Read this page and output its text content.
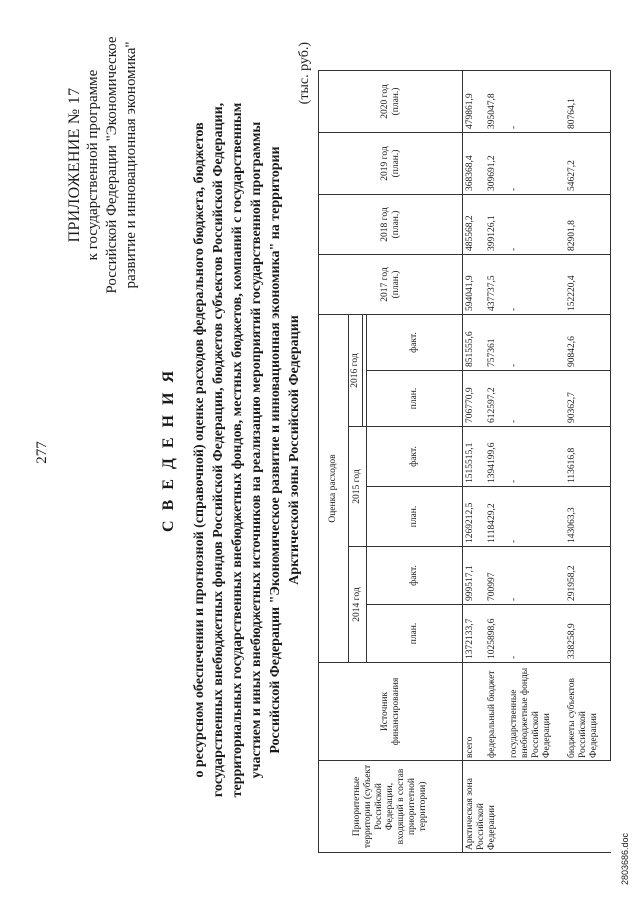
277
ПРИЛОЖЕНИЕ № 17 к государственной программе Российской Федерации "Экономическое развитие и инновационная экономика"
С В Е Д Е Н И Я о ресурсном обеспечении и прогнозной (справочной) оценке расходов федерального бюджета, бюджетов государственных внебюджетных фондов Российской Федерации, бюджетов субъектов Российской Федерации, территориальных государственных внебюджетных фондов, местных бюджетов, компаний с государственным участием и иных внебюджетных источников на реализацию мероприятий государственной программы Российской Федерации "Экономическое развитие и инновационная экономика" на территории Арктической зоны Российской Федерации
(тыс. руб.)
Приоритетные территории (субъект Российской Федерации, входящий в состав приоритетной территории)	Источник финансирования	Оценка расходов						2017 год (план.)	2018 год (план.)	2019 год (план.)	2020 год (план.)
		2014 год		2015 год		2016 год					

		план.	факт.	план.	факт.	план.	факт.				
Арктическая зона Российской Федерации	всего	1372133,7	999517,1	1269212,5	1515515,1	706770,9	851555,6	594041,9	485568,2	368368,4	479861,9
	федеральный бюджет	1025898,6	700997	1118429,2	1394199,6	612597,2	757361	437737,5	399126,1	309691,2	395047,8
	государственные внебюджетные фонды Российской Федерации	-	-	-	-	-	-	-	-	-	-
	бюджеты субъектов Российской Федерации	338258,9	291958,2	143063,3	113616,8	90362,7	90842,6	152220,4	82901,8	54627,2	80764,1
2803686.doc
